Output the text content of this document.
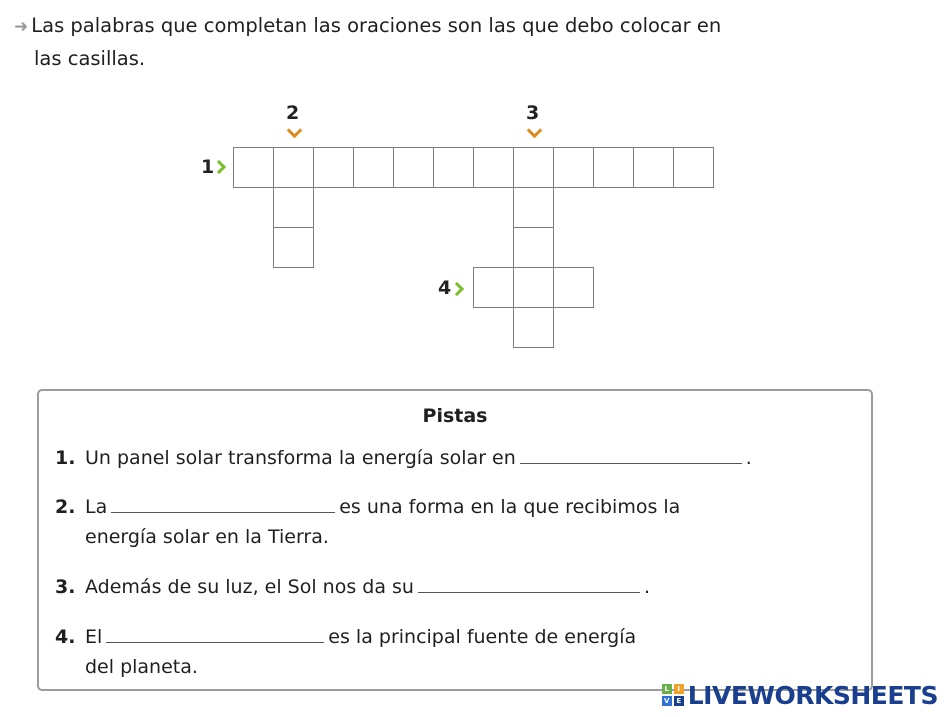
➜ Las palabras que completan las oraciones son las que debo colocar en
las casillas.
2	3
1
4
Pistas
1. Un panel solar transforma la energía solar en	.
2. La	es una forma en la que recibimos la
energía solar en la Tierra.
3. Además de su luz, el Sol nos da su	.
4. El	es la principal fuente de energía
del planeta.
L	I
V E LIVEWORKSHEETS
